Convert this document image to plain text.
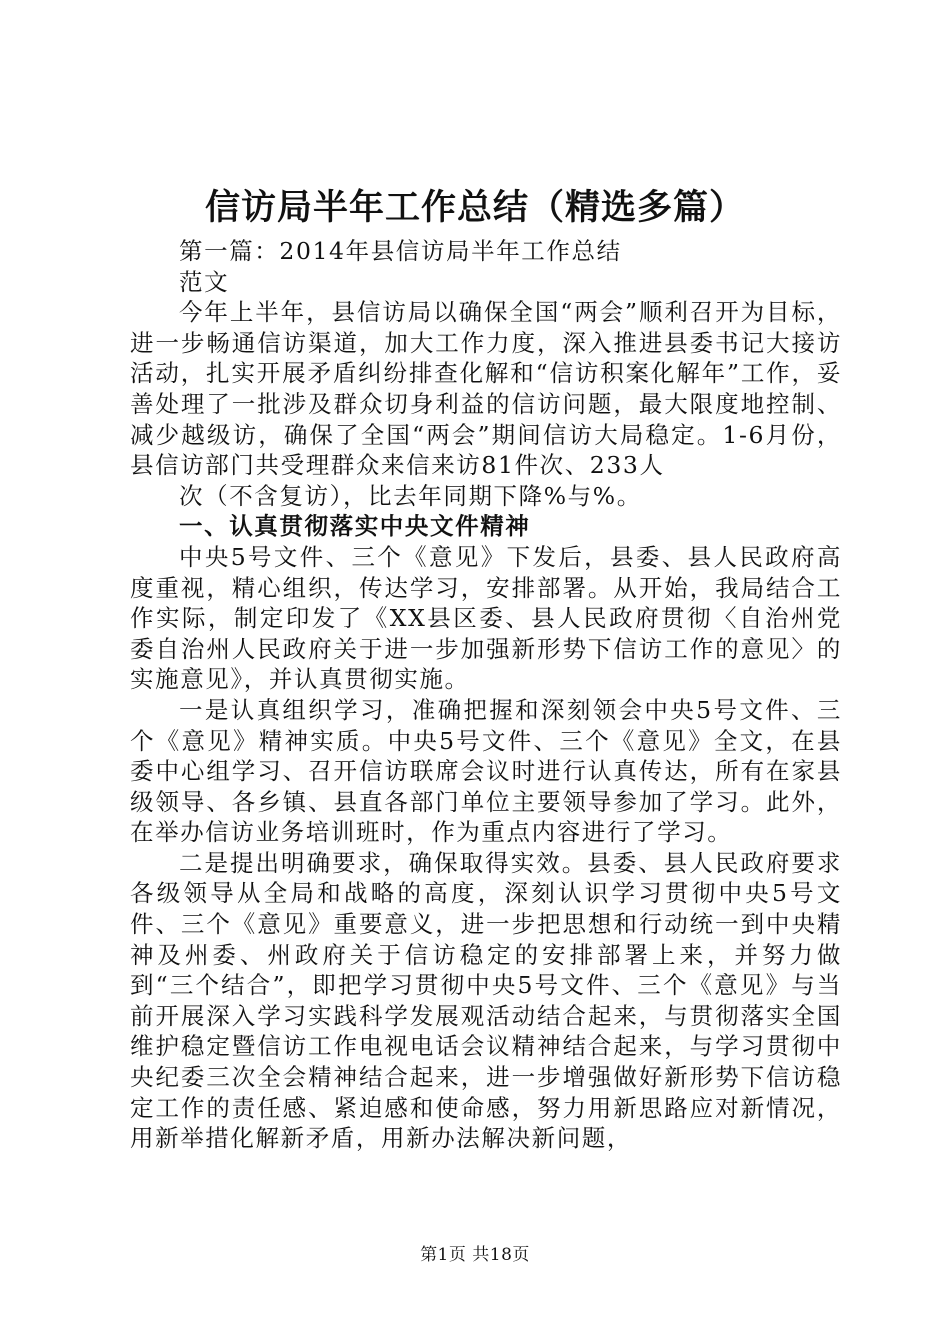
信访局半年工作总结（精选多篇）

第一篇：2014年县信访局半年工作总结

范文

今年上半年，县信访局以确保全国“两会”顺利召开为目标，进一步畅通信访渠道，加大工作力度，深入推进县委书记大接访活动，扎实开展矛盾纠纷排查化解和“信访积案化解年”工作，妥善处理了一批涉及群众切身利益的信访问题，最大限度地控制、减少越级访，确保了全国“两会”期间信访大局稳定。1-6月份，县信访部门共受理群众来信来访81件次、233人

次（不含复访），比去年同期下降%与%。

一、认真贯彻落实中央文件精神

中央5号文件、三个《意见》下发后，县委、县人民政府高度重视，精心组织，传达学习，安排部署。从开始，我局结合工作实际，制定印发了《XX县区委、县人民政府贯彻〈自治州党委自治州人民政府关于进一步加强新形势下信访工作的意见〉的实施意见》，并认真贯彻实施。

一是认真组织学习，准确把握和深刻领会中央5号文件、三个《意见》精神实质。中央5号文件、三个《意见》全文，在县委中心组学习、召开信访联席会议时进行认真传达，所有在家县级领导、各乡镇、县直各部门单位主要领导参加了学习。此外，在举办信访业务培训班时，作为重点内容进行了学习。

二是提出明确要求，确保取得实效。县委、县人民政府要求各级领导从全局和战略的高度，深刻认识学习贯彻中央5号文件、三个《意见》重要意义，进一步把思想和行动统一到中央精神及州委、州政府关于信访稳定的安排部署上来，并努力做到“三个结合”，即把学习贯彻中央5号文件、三个《意见》与当前开展深入学习实践科学发展观活动结合起来，与贯彻落实全国维护稳定暨信访工作电视电话会议精神结合起来，与学习贯彻中央纪委三次全会精神结合起来，进一步增强做好新形势下信访稳定工作的责任感、紧迫感和使命感，努力用新思路应对新情况，用新举措化解新矛盾，用新办法解决新问题，

第1页 共18页
